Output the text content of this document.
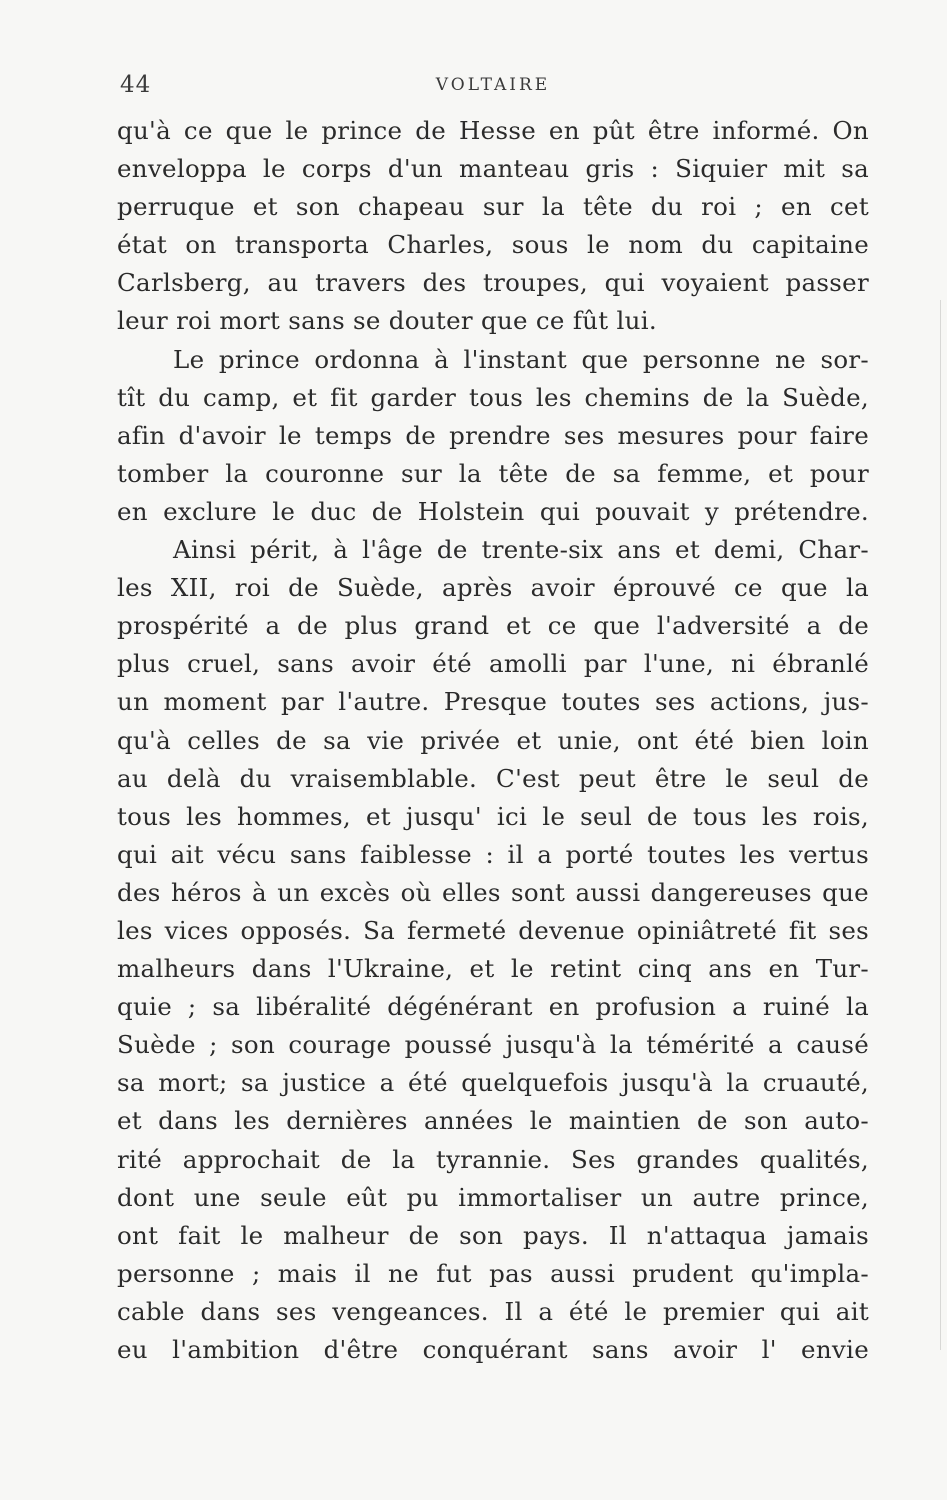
44	VOLTAIRE
qu'à ce que le prince de Hesse en pût être informé. On
enveloppa le corps d'un manteau gris : Siquier mit sa
perruque et son chapeau sur la tête du roi ; en cet
état on transporta Charles, sous le nom du capitaine
Carlsberg, au travers des troupes, qui voyaient passer
leur roi mort sans se douter que ce fût lui.
Le prince ordonna à l'instant que personne ne sor-
tît du camp, et fit garder tous les chemins de la Suède,
afin d'avoir le temps de prendre ses mesures pour faire
tomber la couronne sur la tête de sa femme, et pour
en exclure le duc de Holstein qui pouvait y prétendre.
Ainsi périt, à l'âge de trente-six ans et demi, Char-
les XII, roi de Suède, après avoir éprouvé ce que la
prospérité a de plus grand et ce que l'adversité a de
plus cruel, sans avoir été amolli par l'une, ni ébranlé
un moment par l'autre. Presque toutes ses actions, jus-
qu'à celles de sa vie privée et unie, ont été bien loin
au delà du vraisemblable. C'est peut être le seul de
tous les hommes, et jusqu' ici le seul de tous les rois,
qui ait vécu sans faiblesse : il a porté toutes les vertus
des héros à un excès où elles sont aussi dangereuses que
les vices opposés. Sa fermeté devenue opiniâtreté fit ses
malheurs dans l'Ukraine, et le retint cinq ans en Tur-
quie ; sa libéralité dégénérant en profusion a ruiné la
Suède ; son courage poussé jusqu'à la témérité a causé
sa mort; sa justice a été quelquefois jusqu'à la cruauté,
et dans les dernières années le maintien de son auto-
rité approchait de la tyrannie. Ses grandes qualités,
dont une seule eût pu immortaliser un autre prince,
ont fait le malheur de son pays. Il n'attaqua jamais
personne ; mais il ne fut pas aussi prudent qu'impla-
cable dans ses vengeances. Il a été le premier qui ait
eu l'ambition d'être conquérant sans avoir l' envie
